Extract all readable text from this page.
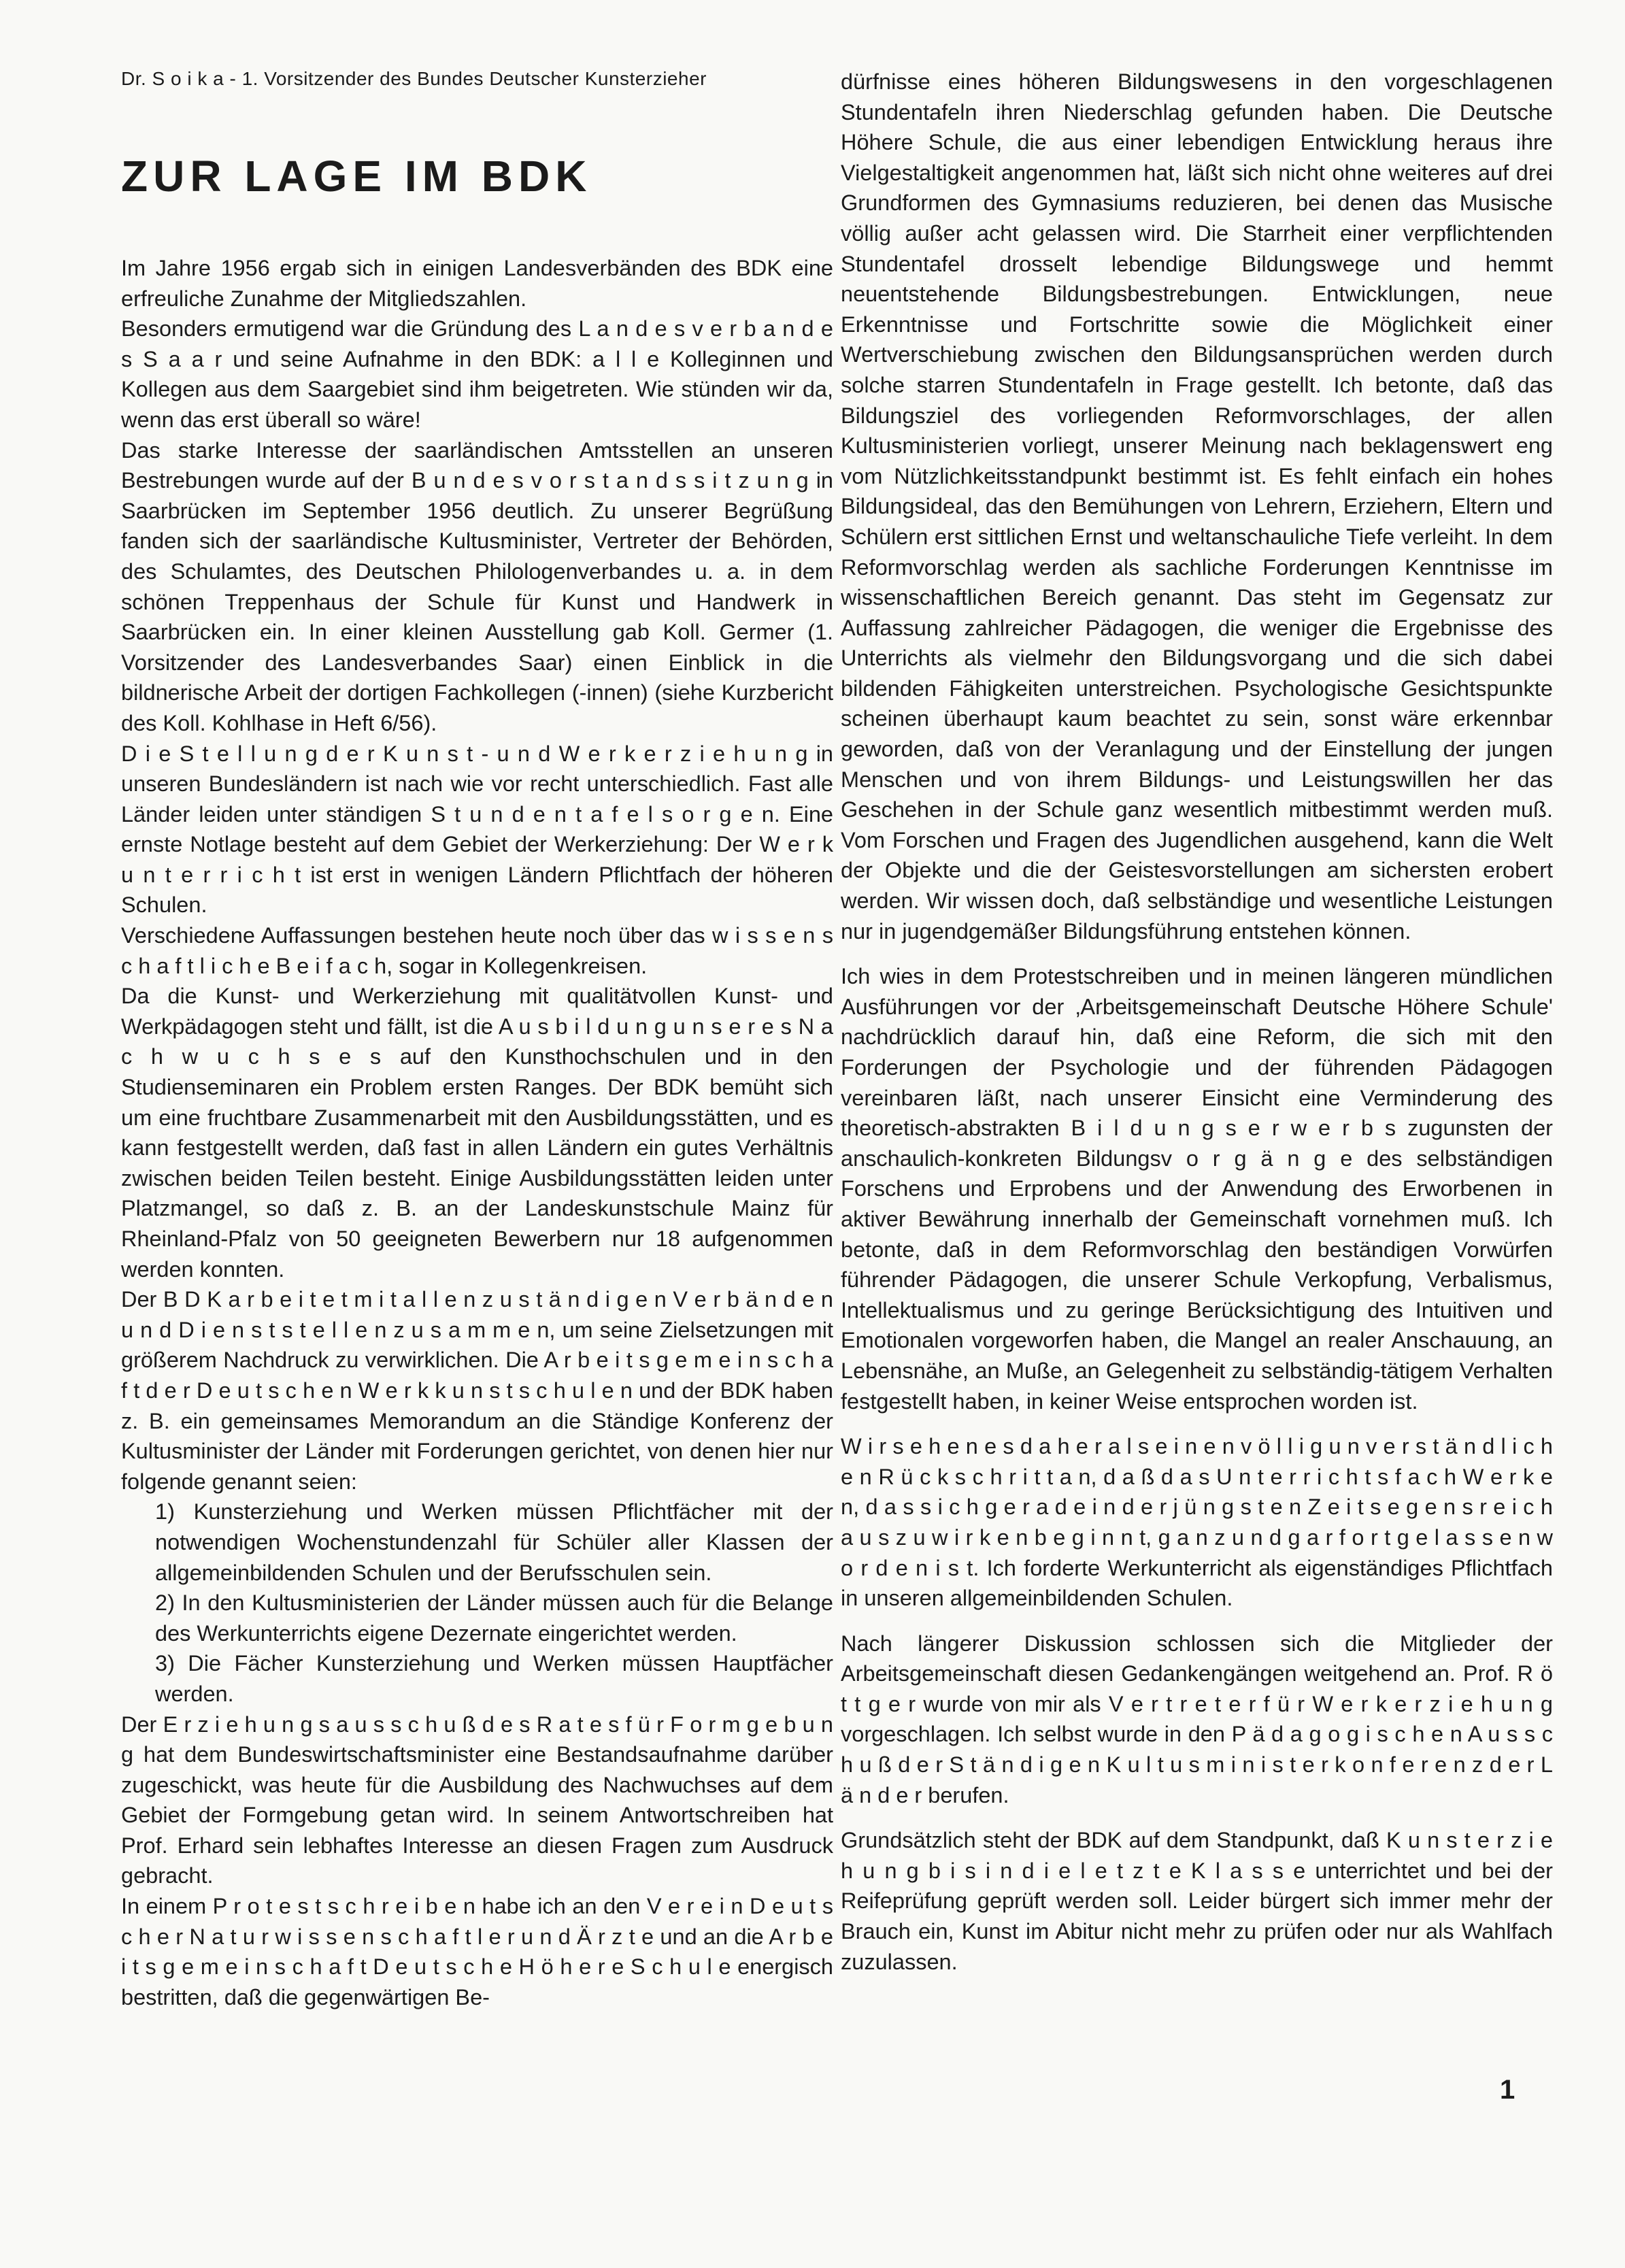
Dr. S o i k a - 1. Vorsitzender des Bundes Deutscher Kunsterzieher
ZUR LAGE IM BDK

Im Jahre 1956 ergab sich in einigen Landesverbänden des BDK eine erfreuliche Zunahme der Mitgliedszahlen.

Besonders ermutigend war die Gründung des L a n d e s v e r b a n d e s S a a r und seine Aufnahme in den BDK: a l l e Kolleginnen und Kollegen aus dem Saargebiet sind ihm beigetreten. Wie stünden wir da, wenn das erst überall so wäre!

Das starke Interesse der saarländischen Amtsstellen an unseren Bestrebungen wurde auf der B u n d e s v o r s t a n d s s i t z u n g in Saarbrücken im September 1956 deutlich. Zu unserer Begrüßung fanden sich der saarländische Kultusminister, Vertreter der Behörden, des Schulamtes, des Deutschen Philologenverbandes u. a. in dem schönen Treppenhaus der Schule für Kunst und Handwerk in Saarbrücken ein. In einer kleinen Ausstellung gab Koll. Germer (1. Vorsitzender des Landesverbandes Saar) einen Einblick in die bildnerische Arbeit der dortigen Fachkollegen (-innen) (siehe Kurzbericht des Koll. Kohlhase in Heft 6/56).

D i e S t e l l u n g d e r K u n s t - u n d W e r k e r z i e h u n g in unseren Bundesländern ist nach wie vor recht unterschiedlich. Fast alle Länder leiden unter ständigen S t u n d e n t a f e l s o r g e n. Eine ernste Notlage besteht auf dem Gebiet der Werkerziehung: Der W e r k u n t e r r i c h t ist erst in wenigen Ländern Pflichtfach der höheren Schulen.

Verschiedene Auffassungen bestehen heute noch über das w i s s e n s c h a f t l i c h e B e i f a c h, sogar in Kollegenkreisen.

Da die Kunst- und Werkerziehung mit qualitätvollen Kunst- und Werkpädagogen steht und fällt, ist die A u s b i l d u n g u n s e r e s N a c h w u c h s e s auf den Kunsthochschulen und in den Studienseminaren ein Problem ersten Ranges. Der BDK bemüht sich um eine fruchtbare Zusammenarbeit mit den Ausbildungsstätten, und es kann festgestellt werden, daß fast in allen Ländern ein gutes Verhältnis zwischen beiden Teilen besteht. Einige Ausbildungsstätten leiden unter Platzmangel, so daß z. B. an der Landeskunstschule Mainz für Rheinland-Pfalz von 50 geeigneten Bewerbern nur 18 aufgenommen werden konnten.

Der B D K a r b e i t e t m i t a l l e n z u s t ä n d i g e n V e r b ä n d e n u n d D i e n s t s t e l l e n z u s a m m e n, um seine Zielsetzungen mit größerem Nachdruck zu verwirklichen. Die A r b e i t s g e m e i n s c h a f t d e r D e u t s c h e n W e r k k u n s t s c h u l e n und der BDK haben z. B. ein gemeinsames Memorandum an die Ständige Konferenz der Kultusminister der Länder mit Forderungen gerichtet, von denen hier nur folgende genannt seien:

1) Kunsterziehung und Werken müssen Pflichtfächer mit der notwendigen Wochenstundenzahl für Schüler aller Klassen der allgemeinbildenden Schulen und der Berufsschulen sein.

2) In den Kultusministerien der Länder müssen auch für die Belange des Werkunterrichts eigene Dezernate eingerichtet werden.

3) Die Fächer Kunsterziehung und Werken müssen Hauptfächer werden.

Der E r z i e h u n g s a u s s c h u ß d e s R a t e s f ü r F o r m g e b u n g hat dem Bundeswirtschaftsminister eine Bestandsaufnahme darüber zugeschickt, was heute für die Ausbildung des Nachwuchses auf dem Gebiet der Formgebung getan wird. In seinem Antwortschreiben hat Prof. Erhard sein lebhaftes Interesse an diesen Fragen zum Ausdruck gebracht.

In einem P r o t e s t s c h r e i b e n habe ich an den V e r e i n D e u t s c h e r N a t u r w i s s e n s c h a f t l e r u n d Ä r z t e und an die A r b e i t s g e m e i n s c h a f t D e u t s c h e H ö h e r e S c h u l e energisch bestritten, daß die gegenwärtigen Be-

dürfnisse eines höheren Bildungswesens in den vorgeschlagenen Stundentafeln ihren Niederschlag gefunden haben. Die Deutsche Höhere Schule, die aus einer lebendigen Entwicklung heraus ihre Vielgestaltigkeit angenommen hat, läßt sich nicht ohne weiteres auf drei Grundformen des Gymnasiums reduzieren, bei denen das Musische völlig außer acht gelassen wird. Die Starrheit einer verpflichtenden Stundentafel drosselt lebendige Bildungswege und hemmt neuentstehende Bildungsbestrebungen. Entwicklungen, neue Erkenntnisse und Fortschritte sowie die Möglichkeit einer Wertverschiebung zwischen den Bildungsansprüchen werden durch solche starren Stundentafeln in Frage gestellt. Ich betonte, daß das Bildungsziel des vorliegenden Reformvorschlages, der allen Kultusministerien vorliegt, unserer Meinung nach beklagenswert eng vom Nützlichkeitsstandpunkt bestimmt ist. Es fehlt einfach ein hohes Bildungsideal, das den Bemühungen von Lehrern, Erziehern, Eltern und Schülern erst sittlichen Ernst und weltanschauliche Tiefe verleiht. In dem Reformvorschlag werden als sachliche Forderungen Kenntnisse im wissenschaftlichen Bereich genannt. Das steht im Gegensatz zur Auffassung zahlreicher Pädagogen, die weniger die Ergebnisse des Unterrichts als vielmehr den Bildungsvorgang und die sich dabei bildenden Fähigkeiten unterstreichen. Psychologische Gesichtspunkte scheinen überhaupt kaum beachtet zu sein, sonst wäre erkennbar geworden, daß von der Veranlagung und der Einstellung der jungen Menschen und von ihrem Bildungs- und Leistungswillen her das Geschehen in der Schule ganz wesentlich mitbestimmt werden muß. Vom Forschen und Fragen des Jugendlichen ausgehend, kann die Welt der Objekte und die der Geistesvorstellungen am sichersten erobert werden. Wir wissen doch, daß selbständige und wesentliche Leistungen nur in jugendgemäßer Bildungsführung entstehen können.

Ich wies in dem Protestschreiben und in meinen längeren mündlichen Ausführungen vor der ‚Arbeitsgemeinschaft Deutsche Höhere Schule' nachdrücklich darauf hin, daß eine Reform, die sich mit den Forderungen der Psychologie und der führenden Pädagogen vereinbaren läßt, nach unserer Einsicht eine Verminderung des theoretisch-abstrakten B i l d u n g s e r w e r b s zugunsten der anschaulich-konkreten Bildungsv o r g ä n g e des selbständigen Forschens und Erprobens und der Anwendung des Erworbenen in aktiver Bewährung innerhalb der Gemeinschaft vornehmen muß. Ich betonte, daß in dem Reformvorschlag den beständigen Vorwürfen führender Pädagogen, die unserer Schule Verkopfung, Verbalismus, Intellektualismus und zu geringe Berücksichtigung des Intuitiven und Emotionalen vorgeworfen haben, die Mangel an realer Anschauung, an Lebensnähe, an Muße, an Gelegenheit zu selbständig-tätigem Verhalten festgestellt haben, in keiner Weise entsprochen worden ist.

W i r s e h e n e s d a h e r a l s e i n e n v ö l l i g u n v e r s t ä n d l i c h e n R ü c k s c h r i t t a n, d a ß d a s U n t e r r i c h t s f a c h W e r k e n, d a s s i c h g e r a d e i n d e r j ü n g s t e n Z e i t s e g e n s r e i c h a u s z u w i r k e n b e g i n n t, g a n z u n d g a r f o r t g e l a s s e n w o r d e n i s t. Ich forderte Werkunterricht als eigenständiges Pflichtfach in unseren allgemeinbildenden Schulen.

Nach längerer Diskussion schlossen sich die Mitglieder der Arbeitsgemeinschaft diesen Gedankengängen weitgehend an. Prof. R ö t t g e r wurde von mir als V e r t r e t e r f ü r W e r k e r z i e h u n g vorgeschlagen. Ich selbst wurde in den P ä d a g o g i s c h e n A u s s c h u ß d e r S t ä n d i g e n K u l t u s m i n i s t e r k o n f e r e n z d e r L ä n d e r berufen.

Grundsätzlich steht der BDK auf dem Standpunkt, daß K u n s t e r z i e h u n g b i s i n d i e l e t z t e K l a s s e unterrichtet und bei der Reifeprüfung geprüft werden soll. Leider bürgert sich immer mehr der Brauch ein, Kunst im Abitur nicht mehr zu prüfen oder nur als Wahlfach zuzulassen.

1
